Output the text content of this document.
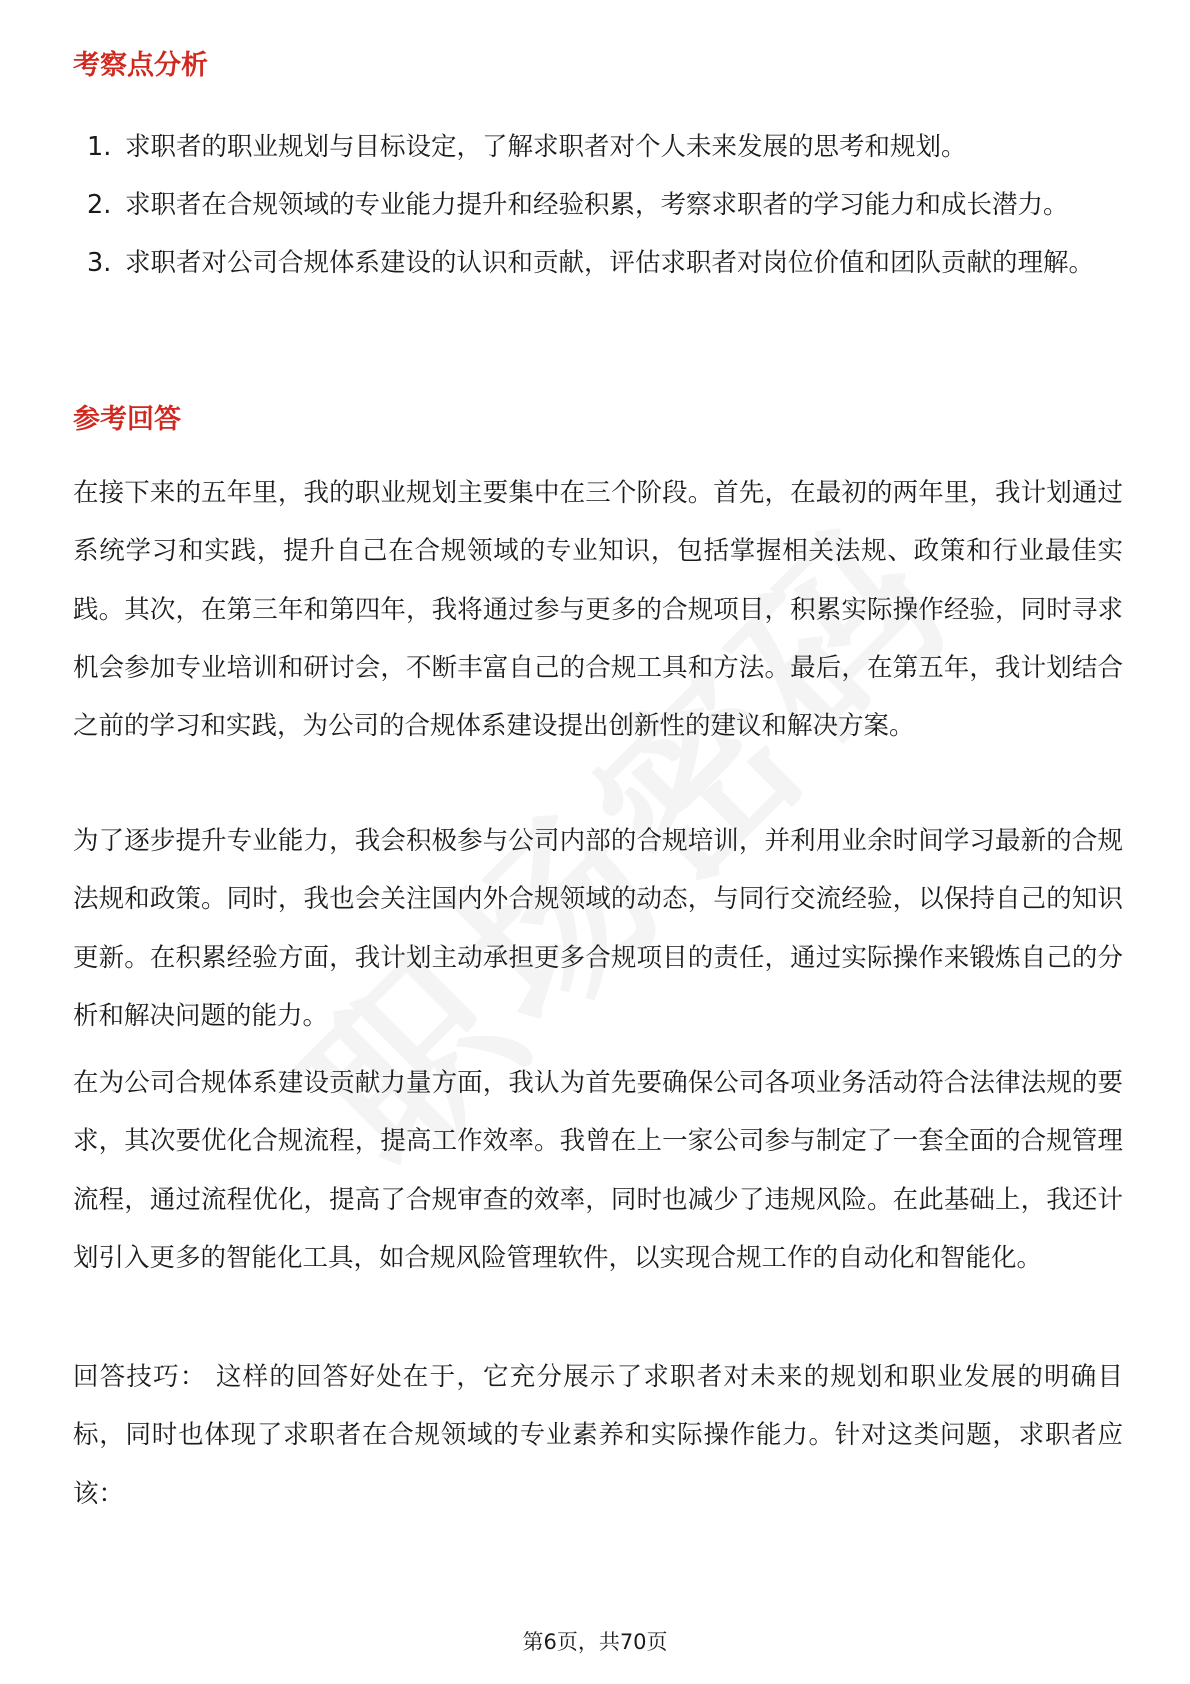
考察点分析
1. 求职者的职业规划与目标设定，了解求职者对个人未来发展的思考和规划。
2. 求职者在合规领域的专业能力提升和经验积累，考察求职者的学习能力和成长潜力。
3. 求职者对公司合规体系建设的认识和贡献，评估求职者对岗位价值和团队贡献的理解。
参考回答

在接下来的五年里，我的职业规划主要集中在三个阶段。首先，在最初的两年里，我计划通过系统学习和实践，提升自己在合规领域的专业知识，包括掌握相关法规、政策和行业最佳实践。其次，在第三年和第四年，我将通过参与更多的合规项目，积累实际操作经验，同时寻求机会参加专业培训和研讨会，不断丰富自己的合规工具和方法。最后，在第五年，我计划结合之前的学习和实践，为公司的合规体系建设提出创新性的建议和解决方案。

为了逐步提升专业能力，我会积极参与公司内部的合规培训，并利用业余时间学习最新的合规法规和政策。同时，我也会关注国内外合规领域的动态，与同行交流经验，以保持自己的知识更新。在积累经验方面，我计划主动承担更多合规项目的责任，通过实际操作来锻炼自己的分析和解决问题的能力。

在为公司合规体系建设贡献力量方面，我认为首先要确保公司各项业务活动符合法律法规的要求，其次要优化合规流程，提高工作效率。我曾在上一家公司参与制定了一套全面的合规管理流程，通过流程优化，提高了合规审查的效率，同时也减少了违规风险。在此基础上，我还计划引入更多的智能化工具，如合规风险管理软件，以实现合规工作的自动化和智能化。

回答技巧： 这样的回答好处在于，它充分展示了求职者对未来的规划和职业发展的明确目标，同时也体现了求职者在合规领域的专业素养和实际操作能力。针对这类问题，求职者应该：

第6页，共70页
